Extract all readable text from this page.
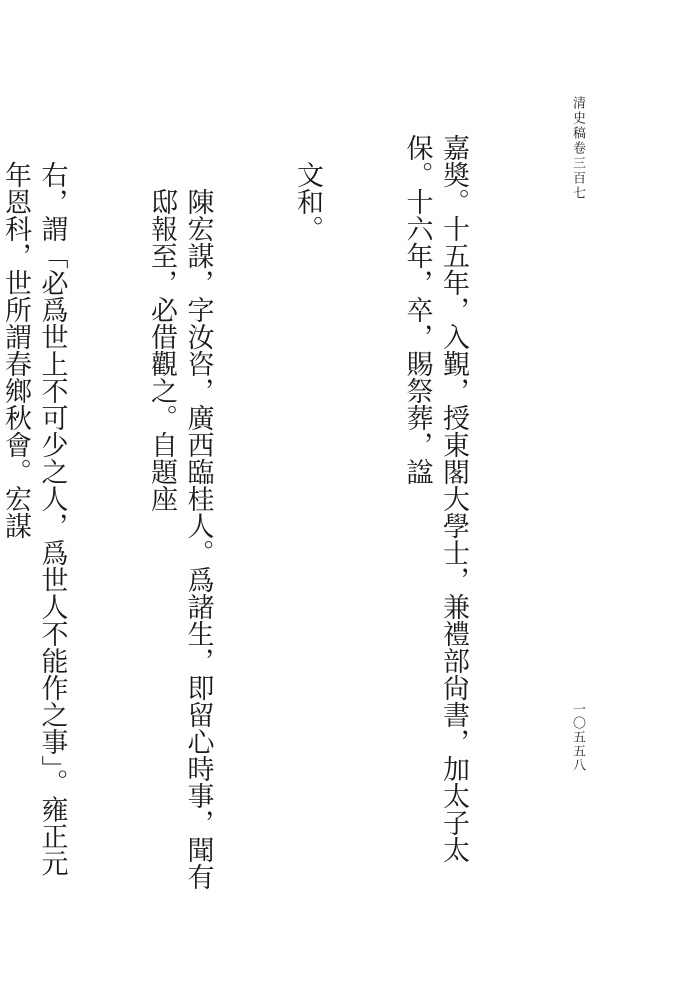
清史稿卷三百七
一〇五五八

嘉奬。十五年，入覲，授東閣大學士，兼禮部尙書，加太子太保。十六年，卒，賜祭葬，諡

文和。

陳宏謀，字汝咨，廣西臨桂人。爲諸生，即留心時事，聞有邸報至，必借觀之。自題座

右，謂「必爲世上不可少之人，爲世人不能作之事」。雍正元年恩科，世所謂春鄉秋會。宏謀
